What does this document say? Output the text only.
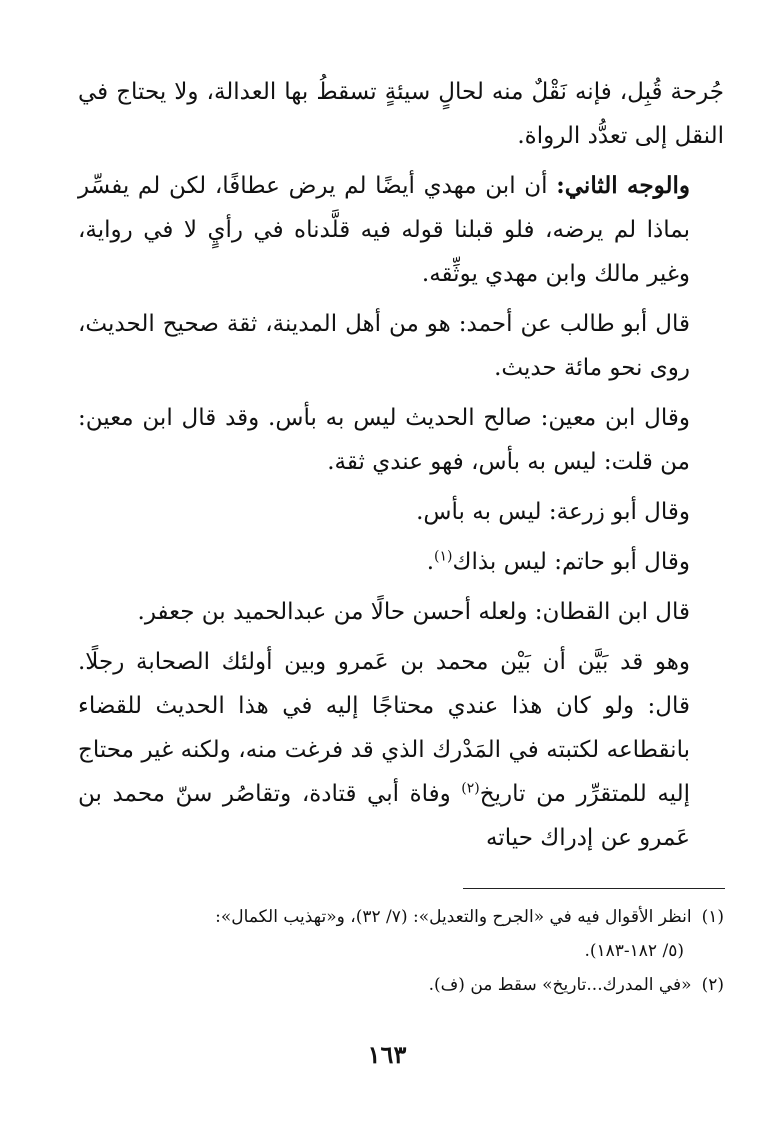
جُرحة قُبِل، فإنه نَقْلٌ منه لحالٍ سيئةٍ تسقطُ بها العدالة، ولا يحتاج في النقل إلى تعدُّد الرواة.

والوجه الثاني: أن ابن مهدي أيضًا لم يرض عطافًا، لكن لم يفسِّر بماذا لم يرضه، فلو قبلنا قوله فيه قلَّدناه في رأيٍ لا في رواية، وغير مالك وابن مهدي يوثِّقه.

قال أبو طالب عن أحمد: هو من أهل المدينة، ثقة صحيح الحديث، روى نحو مائة حديث.

وقال ابن معين: صالح الحديث ليس به بأس. وقد قال ابن معين: من قلت: ليس به بأس، فهو عندي ثقة.

وقال أبو زرعة: ليس به بأس.

وقال أبو حاتم: ليس بذاك$^{(١)}$.

قال ابن القطان: ولعله أحسن حالًا من عبدالحميد بن جعفر.

وهو قد بَيَّن أن بَيْن محمد بن عَمرو وبين أولئك الصحابة رجلًا. قال: ولو كان هذا عندي محتاجًا إليه في هذا الحديث للقضاء بانقطاعه لكتبته في المَدْرك الذي قد فرغت منه، ولكنه غير محتاج إليه للمتقرِّر من تاريخ$^{(٢)}$ وفاة أبي قتادة، وتقاصُر سنّ محمد بن عَمرو عن إدراك حياته

(١)انظر الأقوال فيه في «الجرح والتعديل»: (٧/ ٣٢)، و«تهذيب الكمال»:

(٥/ ١٨٢-١٨٣).

(٢)«في المدرك...تاريخ» سقط من (ف).

١٦٣
